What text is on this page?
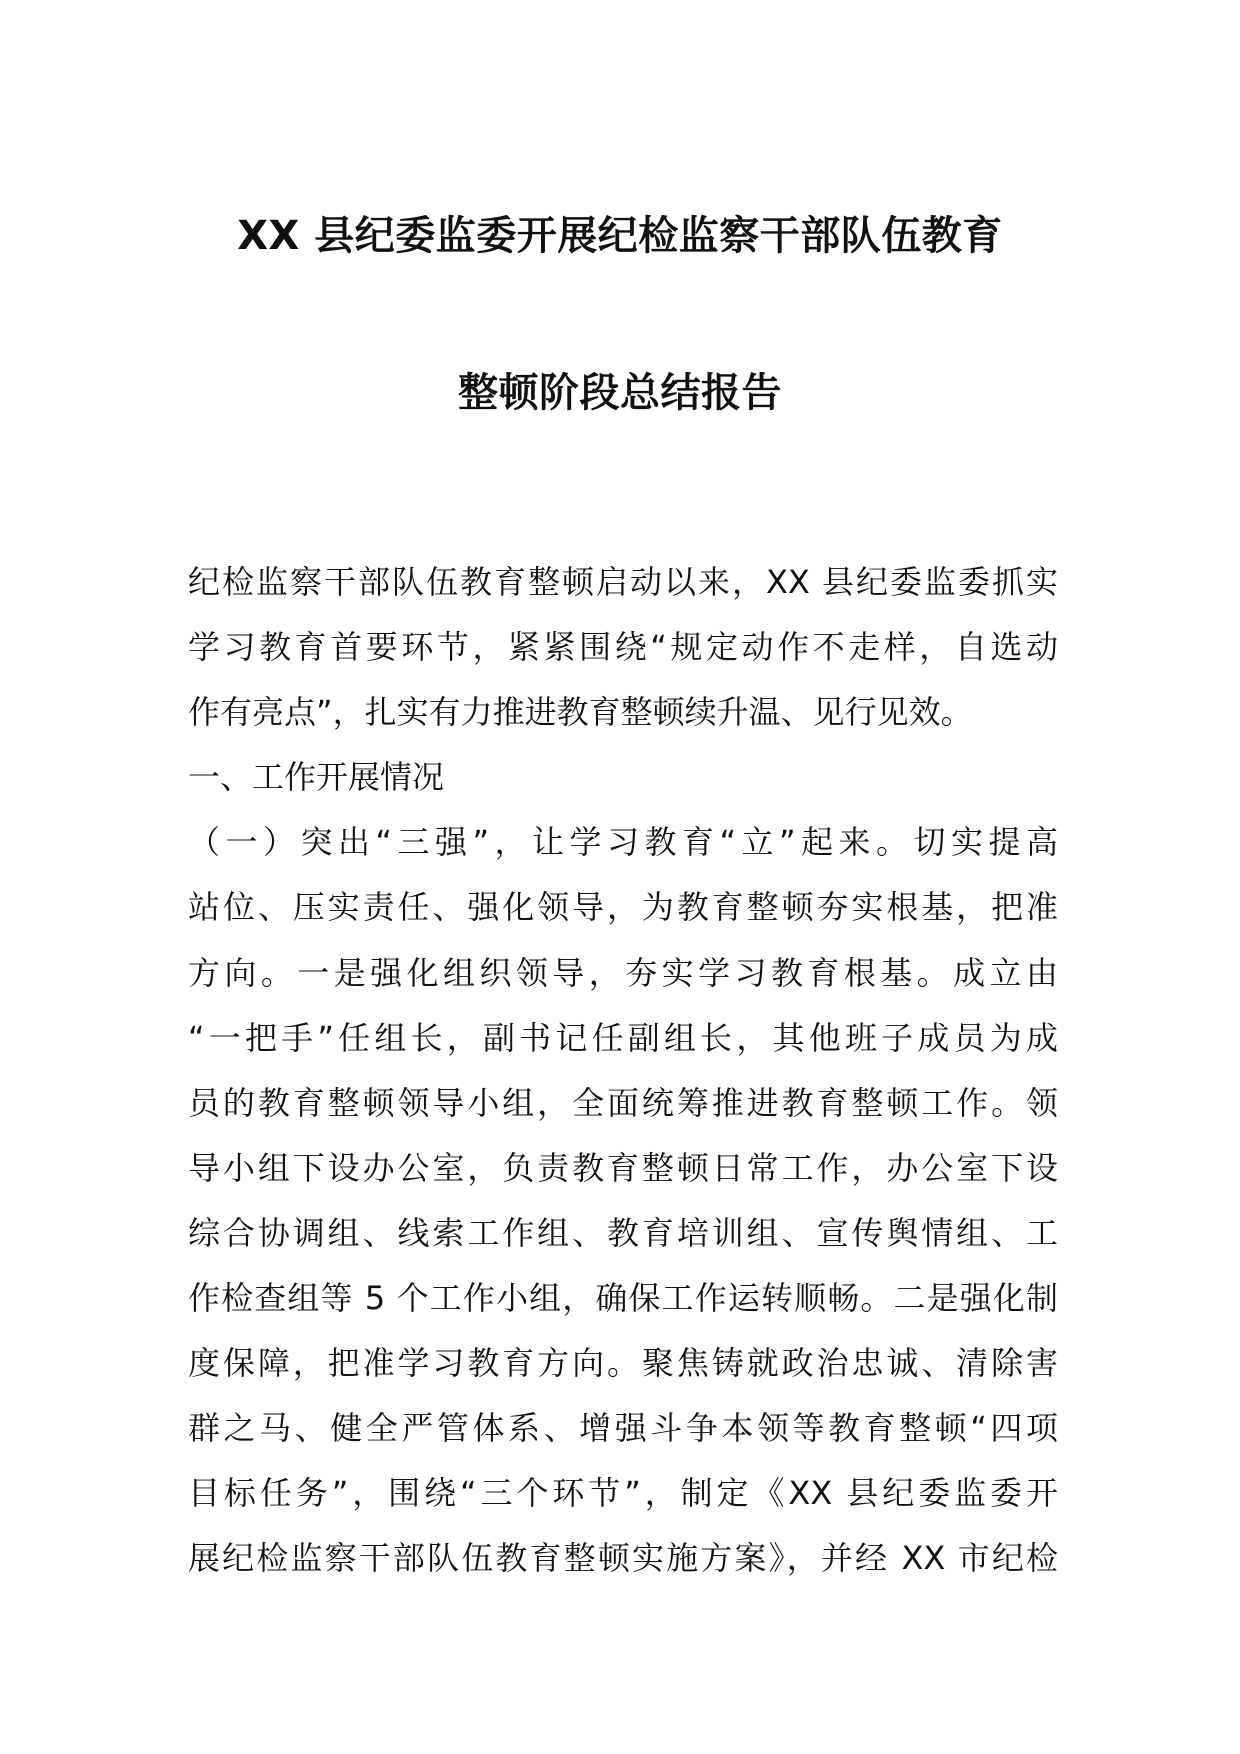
XX 县纪委监委开展纪检监察干部队伍教育
整顿阶段总结报告
纪检监察干部队伍教育整顿启动以来，XX 县纪委监委抓实
学习教育首要环节，紧紧围绕“规定动作不走样，自选动
作有亮点”，扎实有力推进教育整顿续升温、见行见效。
一、工作开展情况
（一）突出“三强”，让学习教育“立”起来。切实提高
站位、压实责任、强化领导，为教育整顿夯实根基，把准
方向。一是强化组织领导，夯实学习教育根基。成立由
“一把手”任组长，副书记任副组长，其他班子成员为成
员的教育整顿领导小组，全面统筹推进教育整顿工作。领
导小组下设办公室，负责教育整顿日常工作，办公室下设
综合协调组、线索工作组、教育培训组、宣传舆情组、工
作检查组等 5 个工作小组，确保工作运转顺畅。二是强化制
度保障，把准学习教育方向。聚焦铸就政治忠诚、清除害
群之马、健全严管体系、增强斗争本领等教育整顿“四项
目标任务”，围绕“三个环节”，制定《XX 县纪委监委开
展纪检监察干部队伍教育整顿实施方案》，并经 XX 市纪检
